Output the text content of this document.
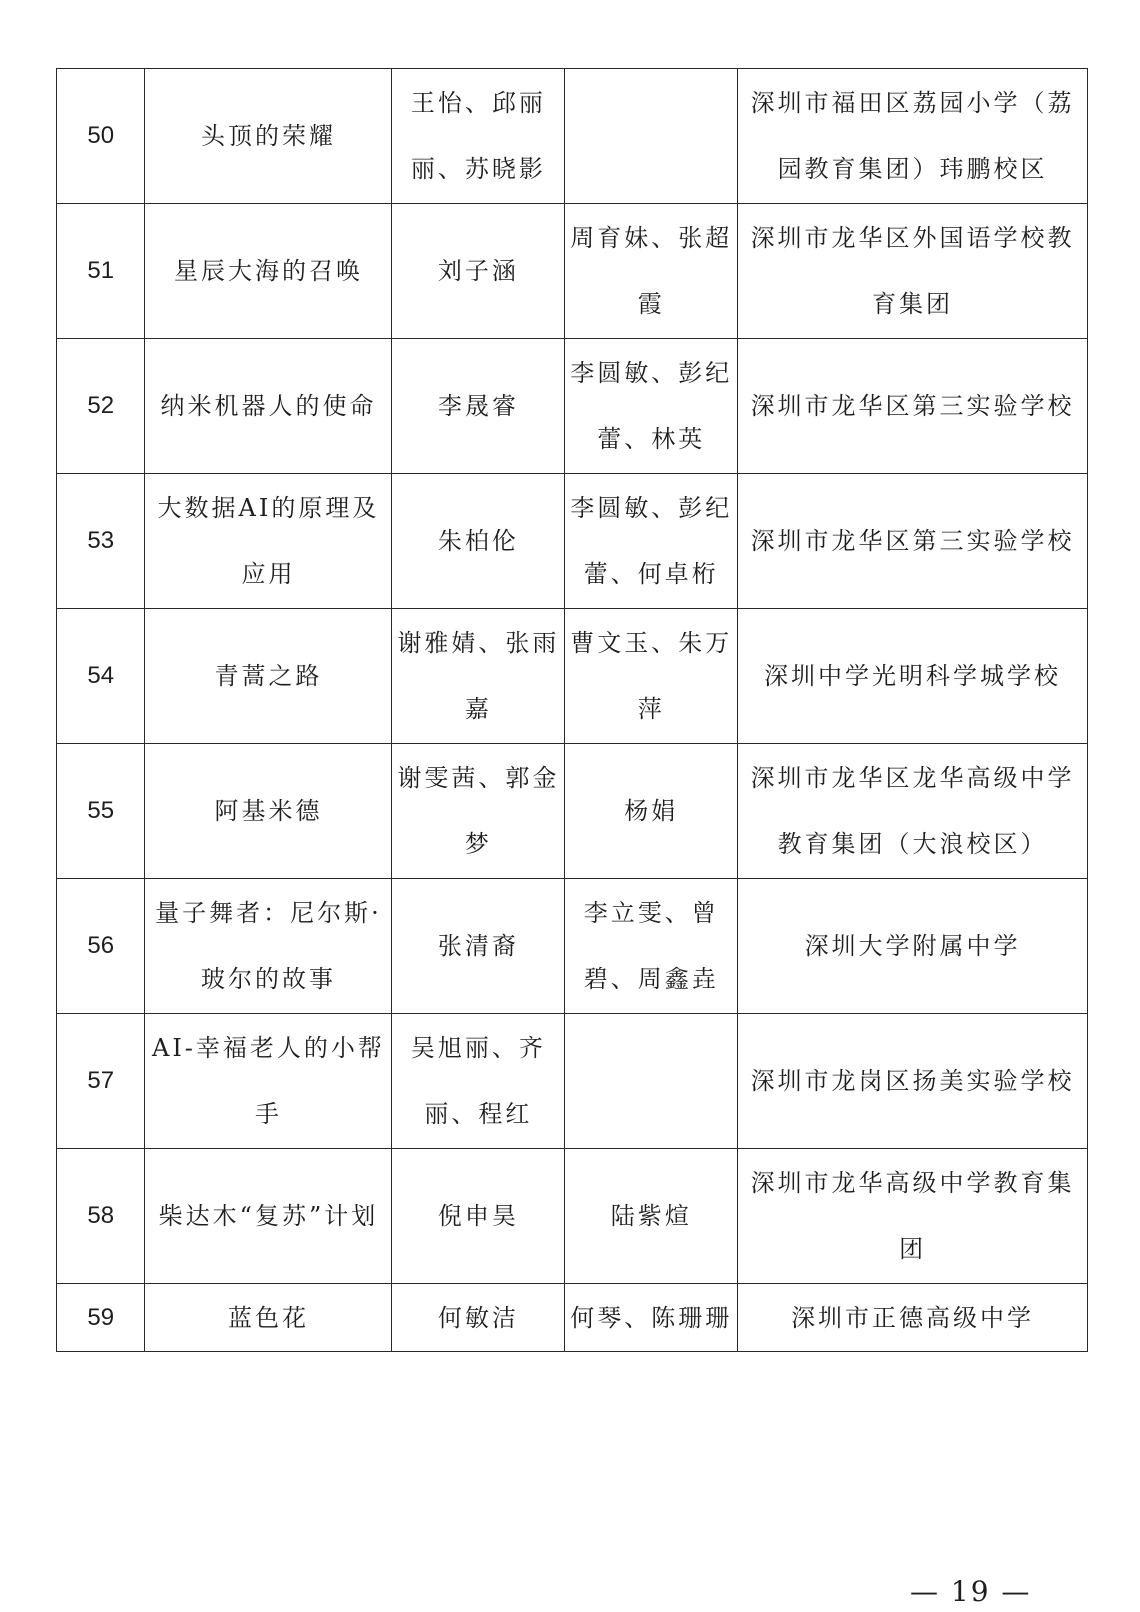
50	头顶的荣耀	王怡、邱丽丽、苏晓影		深圳市福田区荔园小学（荔园教育集团）玮鹏校区
51	星辰大海的召唤	刘子涵	周育妹、张超霞	深圳市龙华区外国语学校教育集团
52	纳米机器人的使命	李晟睿	李圆敏、彭纪蕾、林英	深圳市龙华区第三实验学校
53	大数据AI的原理及应用	朱柏伦	李圆敏、彭纪蕾、何卓桁	深圳市龙华区第三实验学校
54	青蒿之路	谢雅婧、张雨嘉	曹文玉、朱万萍	深圳中学光明科学城学校
55	阿基米德	谢雯茜、郭金梦	杨娟	深圳市龙华区龙华高级中学教育集团（大浪校区）
56	量子舞者：尼尔斯·玻尔的故事	张清裔	李立雯、曾碧、周鑫垚	深圳大学附属中学
57	AI-幸福老人的小帮手	吴旭丽、齐丽、程红		深圳市龙岗区扬美实验学校
58	柴达木“复苏”计划	倪申昊	陆紫煊	深圳市龙华高级中学教育集团
59	蓝色花	何敏洁	何琴、陈珊珊	深圳市正德高级中学
— 19 —
